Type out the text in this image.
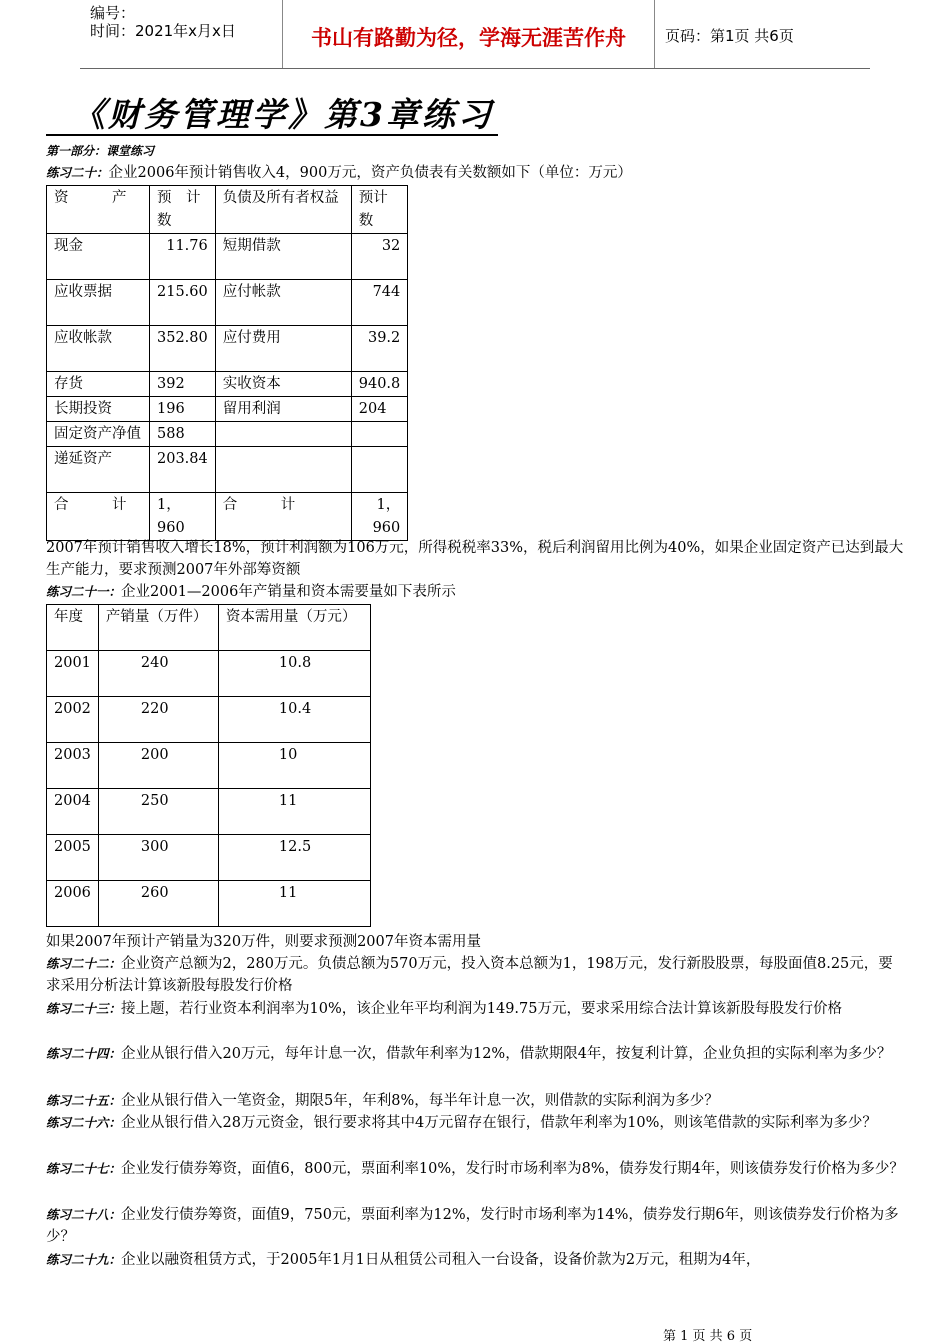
编号：
时间：2021年x月x日	书山有路勤为径，学海无涯苦作舟	页码：第1页 共6页
《财务管理学》第3章练习
第一部分：课堂练习
练习二十：企业2006年预计销售收入4，900万元，资产负债表有关数额如下（单位：万元）
资　　　产	预　计数	负债及所有者权益	预计数
现金	11.76	短期借款	32
应收票据	215.60	应付帐款	744
应收帐款	352.80	应付费用	39.2
存货	392	实收资本	940.8
长期投资	196	留用利润	204
固定资产净值	588		
递延资产	203.84		
合　　　计	1，960	合　　　计	1，960
2007年预计销售收入增长18%，预计利润额为106万元，所得税税率33%，税后利润留用比例为40%，如果企业固定资产已达到最大生产能力，要求预测2007年外部筹资额
练习二十一：企业2001—2006年产销量和资本需要量如下表所示
年度	产销量（万件）	资本需用量（万元）
2001	240	10.8
2002	220	10.4
2003	200	10
2004	250	11
2005	300	12.5
2006	260	11
如果2007年预计产销量为320万件，则要求预测2007年资本需用量
练习二十二：企业资产总额为2，280万元。负债总额为570万元，投入资本总额为1，198万元，发行新股股票，每股面值8.25元，要求采用分析法计算该新股每股发行价格
练习二十三：接上题，若行业资本利润率为10%，该企业年平均利润为149.75万元，要求采用综合法计算该新股每股发行价格
练习二十四：企业从银行借入20万元，每年计息一次，借款年利率为12%，借款期限4年，按复利计算，企业负担的实际利率为多少？
练习二十五：企业从银行借入一笔资金，期限5年，年利8%，每半年计息一次，则借款的实际利润为多少？
练习二十六：企业从银行借入28万元资金，银行要求将其中4万元留存在银行，借款年利率为10%，则该笔借款的实际利率为多少？
练习二十七：企业发行债券筹资，面值6，800元，票面利率10%，发行时市场利率为8%，债券发行期4年，则该债券发行价格为多少？
练习二十八：企业发行债券筹资，面值9，750元，票面利率为12%，发行时市场利率为14%，债券发行期6年，则该债券发行价格为多少？
练习二十九：企业以融资租赁方式，于2005年1月1日从租赁公司租入一台设备，设备价款为2万元，租期为4年，
第 1 页 共 6 页
